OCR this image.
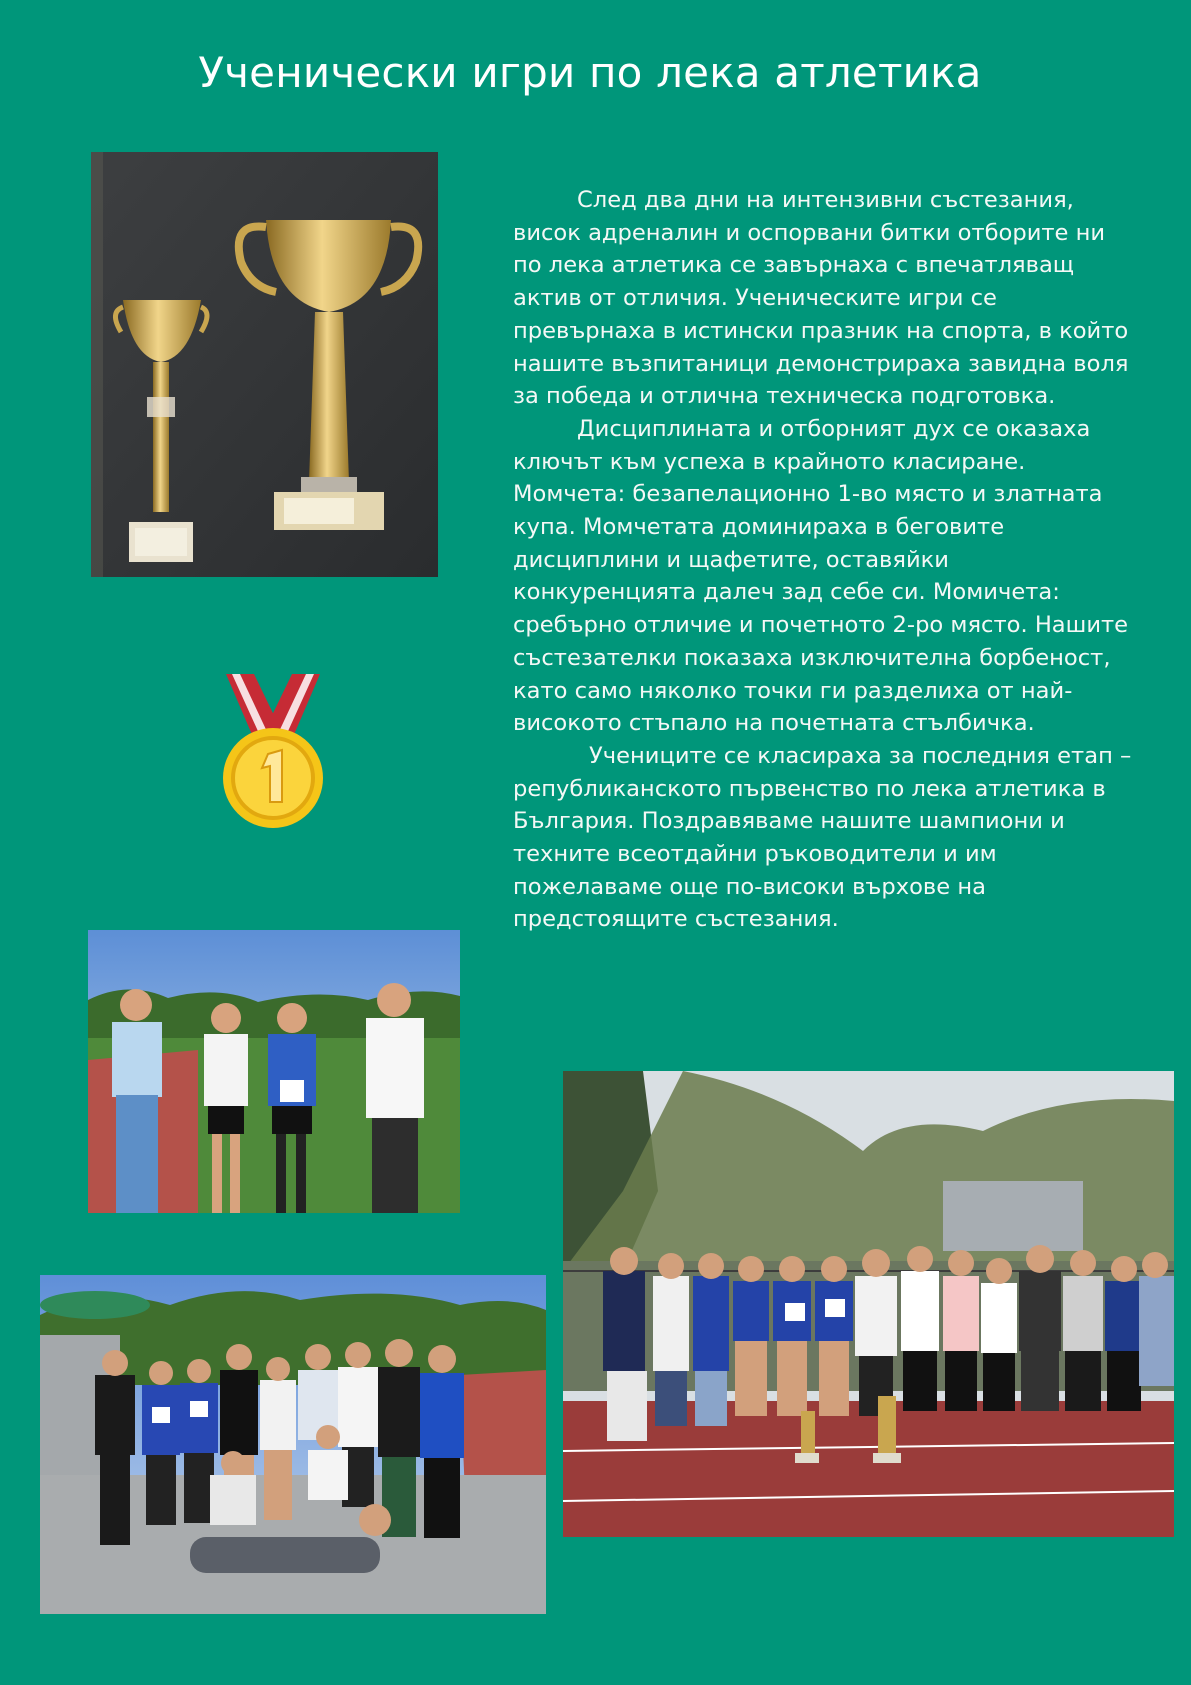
Ученически игри по лека атлетика

След два дни на интензивни състезания, висок адреналин и оспорвани битки отборите ни по лека атлетика се завърнаха с впечатляващ актив от отличия. Ученическите игри се превърнаха в истински празник на спорта, в който нашите възпитаници демонстрираха завидна воля за победа и отлична техническа подготовка.

Дисциплината и отборният дух се оказаха ключът към успеха в крайното класиране. Момчета: безапелационно 1-во място и златната купа. Момчетата доминираха в беговите дисциплини и щафетите, оставяйки конкуренцията далеч зад себе си. Момичета: сребърно отличие и почетното 2-ро място. Нашите състезателки показаха изключителна борбеност, като само няколко точки ги разделиха от най-високото стъпало на почетната стълбичка.

Учениците се класираха за последния етап – републиканското първенство по лека атлетика в България. Поздравяваме нашите шампиони и техните всеотдайни ръководители и им пожелаваме още по-високи върхове на предстоящите състезания.
